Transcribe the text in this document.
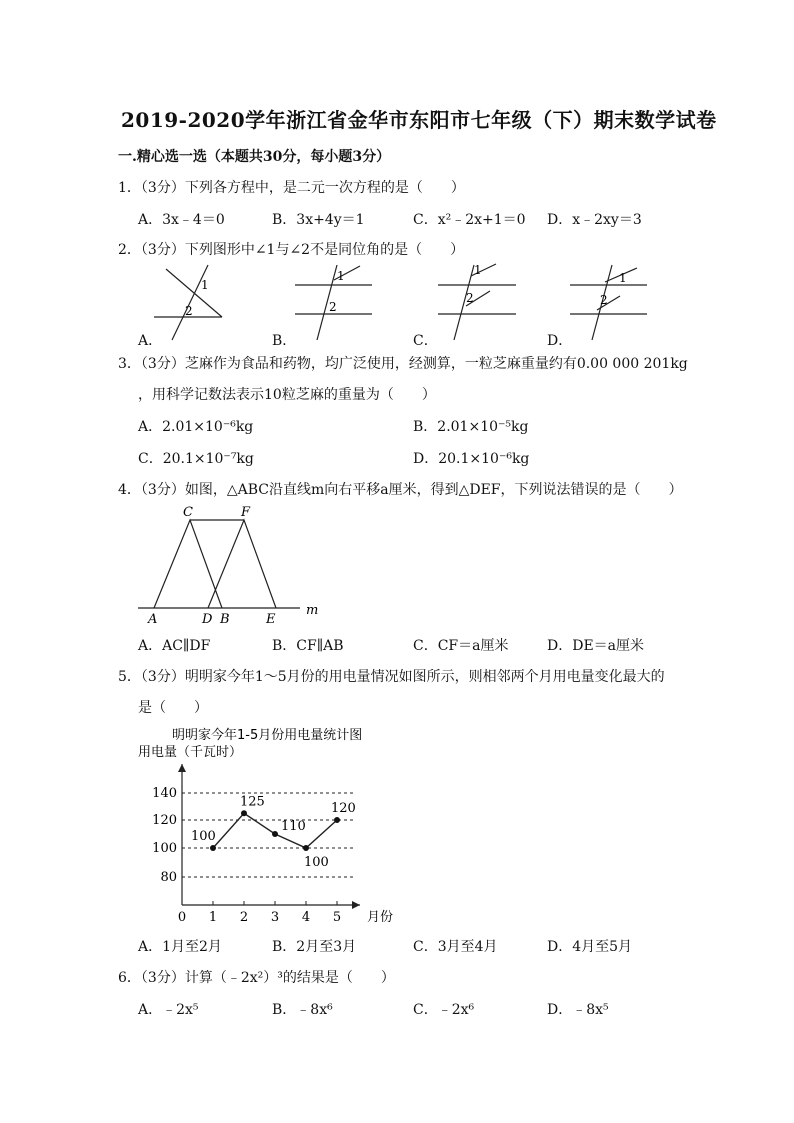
2019-2020学年浙江省金华市东阳市七年级（下）期末数学试卷
一.精心选一选（本题共30分，每小题3分）
1．（3分）下列各方程中，是二元一次方程的是（　　）
A．3x﹣4＝0	B．3x+4y＝1	C．x²﹣2x+1＝0 D．x﹣2xy＝3
2．（3分）下列图形中∠1与∠2不是同位角的是（　　）
1
2
A．
1
2
B．
1
2
C．
1
2
D．
3．（3分）芝麻作为食品和药物，均广泛使用，经测算，一粒芝麻重量约有0.00 000 201kg
，用科学记数法表示10粒芝麻的重量为（　　）
A．2.01×10⁻⁶kg	B．2.01×10⁻⁵kg
C．20.1×10⁻⁷kg	D．20.1×10⁻⁶kg
4．（3分）如图，△ABC沿直线m向右平移a厘米，得到△DEF，下列说法错误的是（　　）
C	F
A	D B	E
m
A．AC∥DF	B．CF∥AB	C．CF＝a厘米	D．DE＝a厘米
5．（3分）明明家今年1～5月份的用电量情况如图所示，则相邻两个月用电量变化最大的
是（　　）
明明家今年1-5月份用电量统计图
用电量（千瓦时）
80
100
120
140
0 1 2 3 4 5 月份
100
125
110
100
120
A．1月至2月	B．2月至3月	C．3月至4月	D．4月至5月
6．（3分）计算（﹣2x²）³的结果是（　　）
A．﹣2x⁵	B．﹣8x⁶	C．﹣2x⁶	D．﹣8x⁵
